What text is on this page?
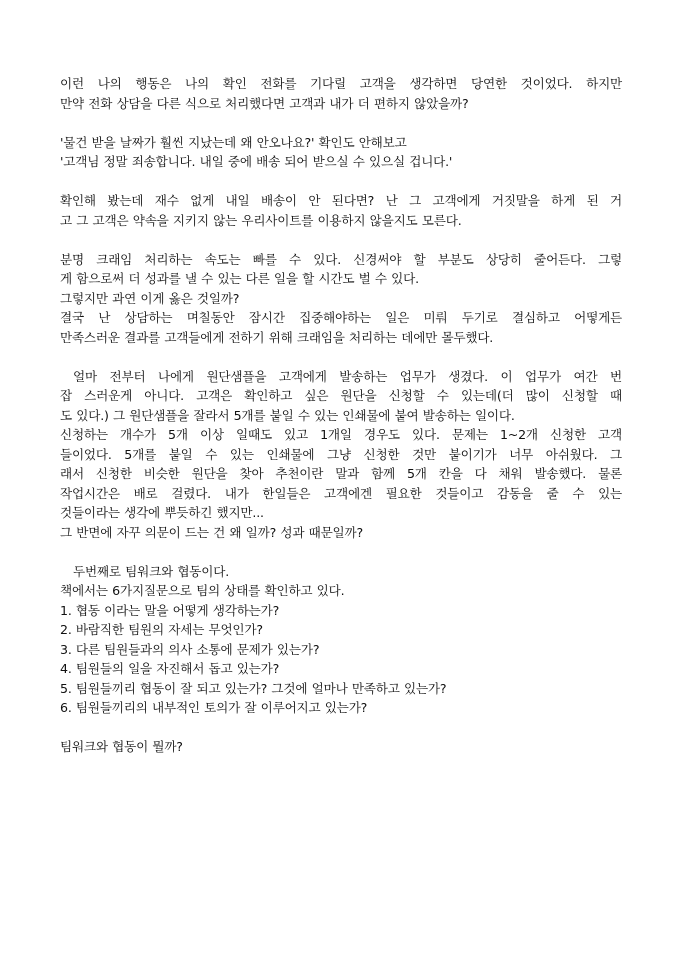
이런 나의 행동은 나의 확인 전화를 기다릴 고객을 생각하면 당연한 것이었다. 하지만
만약 전화 상담을 다른 식으로 처리했다면 고객과 내가 더 편하지 않았을까?
'물건 받을 날짜가 훨씬 지났는데 왜 안오나요?' 확인도 안해보고
'고객님 정말 죄송합니다. 내일 중에 배송 되어 받으실 수 있으실 겁니다.'
확인해 봤는데 재수 없게 내일 배송이 안 된다면? 난 그 고객에게 거짓말을 하게 된 거
고 그 고객은 약속을 지키지 않는 우리사이트를 이용하지 않을지도 모른다.
분명 크래임 처리하는 속도는 빠를 수 있다. 신경써야 할 부분도 상당히 줄어든다. 그렇
게 함으로써 더 성과를 낼 수 있는 다른 일을 할 시간도 벌 수 있다.
그렇지만 과연 이게 옳은 것일까?
결국 난 상담하는 며칠동안 잠시간 집중해야하는 일은 미뤄 두기로 결심하고 어떻게든
만족스러운 결과를 고객들에게 전하기 위해 크래임을 처리하는 데에만 몰두했다.
얼마 전부터 나에게 원단샘플을 고객에게 발송하는 업무가 생겼다. 이 업무가 여간 번
잡 스러운게 아니다. 고객은 확인하고 싶은 원단을 신청할 수 있는데(더 많이 신청할 때
도 있다.) 그 원단샘플을 잘라서 5개를 붙일 수 있는 인쇄물에 붙여 발송하는 일이다.
신청하는 개수가 5개 이상 일때도 있고 1개일 경우도 있다. 문제는 1~2개 신청한 고객
들이었다. 5개를 붙일 수 있는 인쇄물에 그냥 신청한 것만 붙이기가 너무 아쉬웠다. 그
래서 신청한 비슷한 원단을 찾아 추천이란 말과 함께 5개 칸을 다 채워 발송했다. 물론
작업시간은 배로 걸렸다. 내가 한일들은 고객에겐 필요한 것들이고 감동을 줄 수 있는
것들이라는 생각에 뿌듯하긴 했지만...
그 반면에 자꾸 의문이 드는 건 왜 일까? 성과 때문일까?
두번째로 팀워크와 협동이다.
책에서는 6가지질문으로 팀의 상태를 확인하고 있다.
1. 협동 이라는 말을 어떻게 생각하는가?
2. 바람직한 팀원의 자세는 무엇인가?
3. 다른 팀원들과의 의사 소통에 문제가 있는가?
4. 팀원들의 일을 자진해서 돕고 있는가?
5. 팀원들끼리 협동이 잘 되고 있는가? 그것에 얼마나 만족하고 있는가?
6. 팀원들끼리의 내부적인 토의가 잘 이루어지고 있는가?
팀워크와 협동이 뭘까?
